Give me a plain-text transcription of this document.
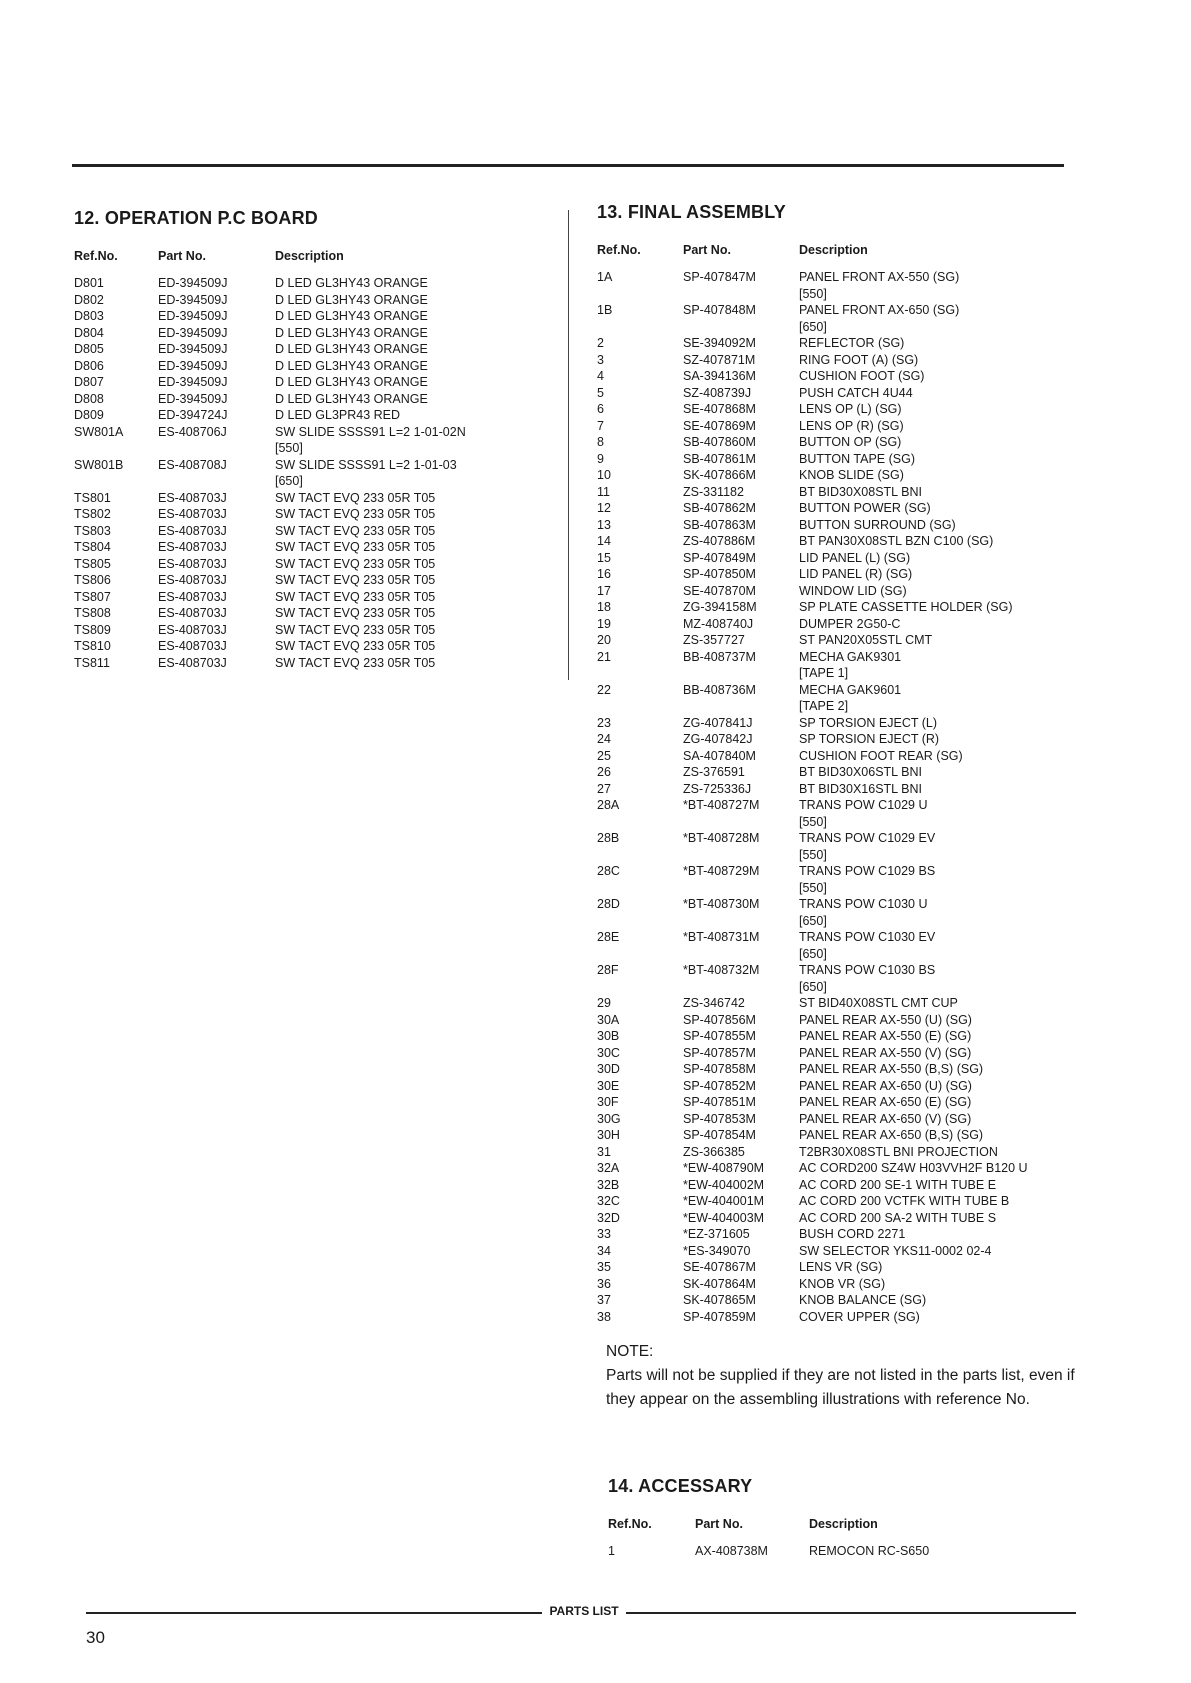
12. OPERATION P.C BOARD
Ref.No.	Part No.	Description
D801	ED-394509J	D LED GL3HY43 ORANGE
D802	ED-394509J	D LED GL3HY43 ORANGE
D803	ED-394509J	D LED GL3HY43 ORANGE
D804	ED-394509J	D LED GL3HY43 ORANGE
D805	ED-394509J	D LED GL3HY43 ORANGE
D806	ED-394509J	D LED GL3HY43 ORANGE
D807	ED-394509J	D LED GL3HY43 ORANGE
D808	ED-394509J	D LED GL3HY43 ORANGE
D809	ED-394724J	D LED GL3PR43 RED
SW801A	ES-408706J	SW SLIDE SSSS91 L=2 1-01-02N
[550]
SW801B	ES-408708J	SW SLIDE SSSS91 L=2 1-01-03
[650]
TS801	ES-408703J	SW TACT EVQ 233 05R T05
TS802	ES-408703J	SW TACT EVQ 233 05R T05
TS803	ES-408703J	SW TACT EVQ 233 05R T05
TS804	ES-408703J	SW TACT EVQ 233 05R T05
TS805	ES-408703J	SW TACT EVQ 233 05R T05
TS806	ES-408703J	SW TACT EVQ 233 05R T05
TS807	ES-408703J	SW TACT EVQ 233 05R T05
TS808	ES-408703J	SW TACT EVQ 233 05R T05
TS809	ES-408703J	SW TACT EVQ 233 05R T05
TS810	ES-408703J	SW TACT EVQ 233 05R T05
TS811	ES-408703J	SW TACT EVQ 233 05R T05
13. FINAL ASSEMBLY
Ref.No.	Part No.	Description
1A	SP-407847M	PANEL FRONT AX-550 (SG)
[550]
1B	SP-407848M	PANEL FRONT AX-650 (SG)
[650]
2	SE-394092M	REFLECTOR (SG)
3	SZ-407871M	RING FOOT (A) (SG)
4	SA-394136M	CUSHION FOOT (SG)
5	SZ-408739J	PUSH CATCH 4U44
6	SE-407868M	LENS OP (L) (SG)
7	SE-407869M	LENS OP (R) (SG)
8	SB-407860M	BUTTON OP (SG)
9	SB-407861M	BUTTON TAPE (SG)
10	SK-407866M	KNOB SLIDE (SG)
11	ZS-331182	BT BID30X08STL BNI
12	SB-407862M	BUTTON POWER (SG)
13	SB-407863M	BUTTON SURROUND (SG)
14	ZS-407886M	BT PAN30X08STL BZN C100 (SG)
15	SP-407849M	LID PANEL (L) (SG)
16	SP-407850M	LID PANEL (R) (SG)
17	SE-407870M	WINDOW LID (SG)
18	ZG-394158M	SP PLATE CASSETTE HOLDER (SG)
19	MZ-408740J	DUMPER 2G50-C
20	ZS-357727	ST PAN20X05STL CMT
21	BB-408737M	MECHA GAK9301
[TAPE 1]
22	BB-408736M	MECHA GAK9601
[TAPE 2]
23	ZG-407841J	SP TORSION EJECT (L)
24	ZG-407842J	SP TORSION EJECT (R)
25	SA-407840M	CUSHION FOOT REAR (SG)
26	ZS-376591	BT BID30X06STL BNI
27	ZS-725336J	BT BID30X16STL BNI
28A	*BT-408727M	TRANS POW C1029 U
[550]
28B	*BT-408728M	TRANS POW C1029 EV
[550]
28C	*BT-408729M	TRANS POW C1029 BS
[550]
28D	*BT-408730M	TRANS POW C1030 U
[650]
28E	*BT-408731M	TRANS POW C1030 EV
[650]
28F	*BT-408732M	TRANS POW C1030 BS
[650]
29	ZS-346742	ST BID40X08STL CMT CUP
30A	SP-407856M	PANEL REAR AX-550 (U) (SG)
30B	SP-407855M	PANEL REAR AX-550 (E) (SG)
30C	SP-407857M	PANEL REAR AX-550 (V) (SG)
30D	SP-407858M	PANEL REAR AX-550 (B,S) (SG)
30E	SP-407852M	PANEL REAR AX-650 (U) (SG)
30F	SP-407851M	PANEL REAR AX-650 (E) (SG)
30G	SP-407853M	PANEL REAR AX-650 (V) (SG)
30H	SP-407854M	PANEL REAR AX-650 (B,S) (SG)
31	ZS-366385	T2BR30X08STL BNI PROJECTION
32A	*EW-408790M	AC CORD200 SZ4W H03VVH2F B120 U
32B	*EW-404002M	AC CORD 200 SE-1 WITH TUBE E
32C	*EW-404001M	AC CORD 200 VCTFK WITH TUBE B
32D	*EW-404003M	AC CORD 200 SA-2 WITH TUBE S
33	*EZ-371605	BUSH CORD 2271
34	*ES-349070	SW SELECTOR YKS11-0002 02-4
35	SE-407867M	LENS VR (SG)
36	SK-407864M	KNOB VR (SG)
37	SK-407865M	KNOB BALANCE (SG)
38	SP-407859M	COVER UPPER (SG)
NOTE:
Parts will not be supplied if they are not listed in the parts list, even if they appear on the assembling illustrations with reference No.
14. ACCESSARY
Ref.No.	Part No.	Description
1	AX-408738M	REMOCON RC-S650
PARTS LIST
30
